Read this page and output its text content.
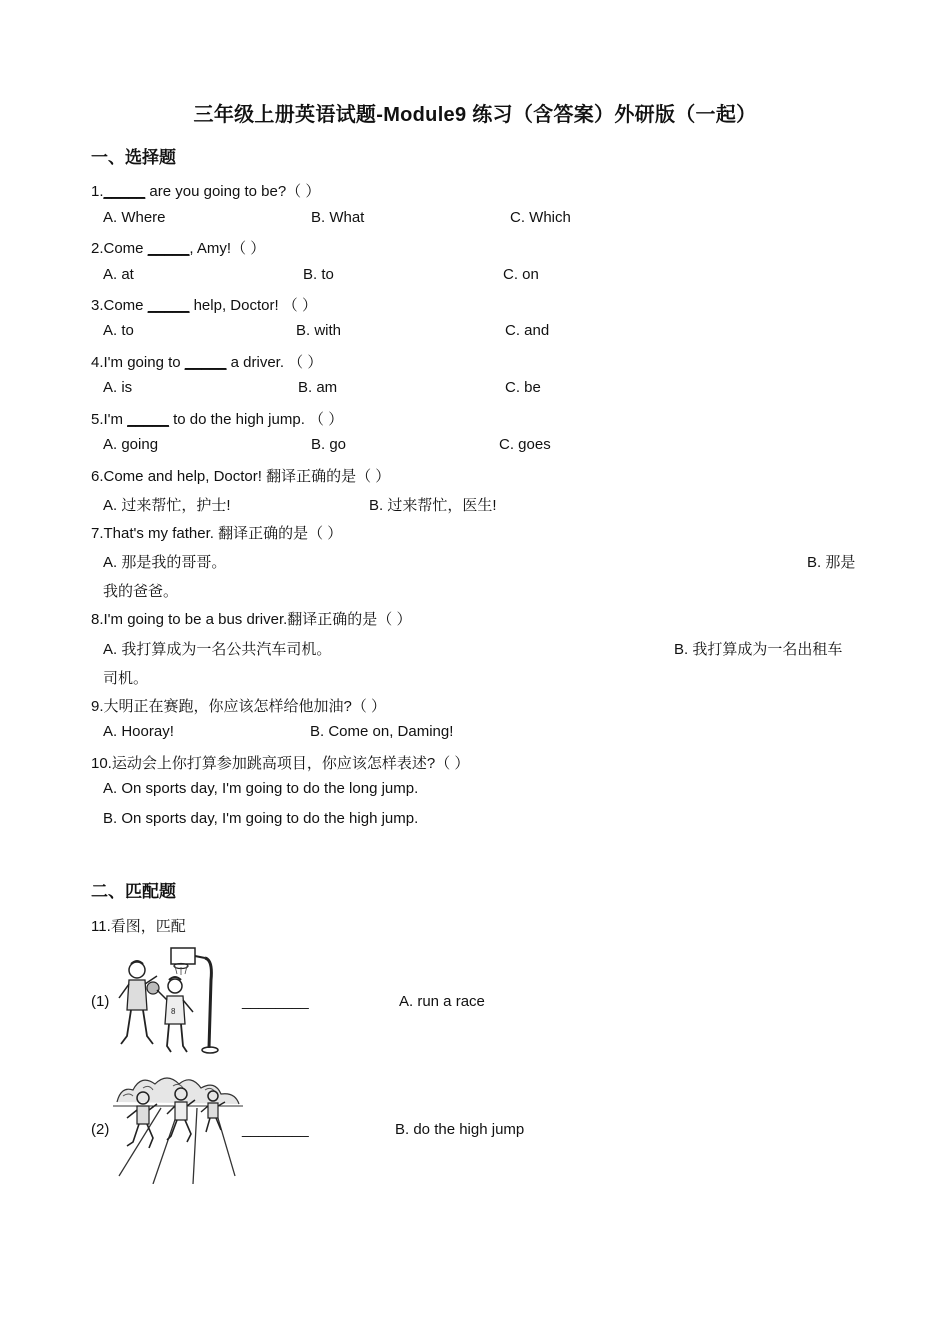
三年级上册英语试题-Module9 练习（含答案）外研版（一起）
一、选择题
1._____ are you going to be?（ ）
A. Where	B. What	C. Which
2.Come _____, Amy!（ ）
A. at	B. to	C. on
3.Come _____ help, Doctor! （ ）
A. to	B. with	C. and
4.I'm going to _____ a driver. （ ）
A. is	B. am	C. be
5.I'm _____ to do the high jump. （ ）
A. going	B. go	C. goes
6.Come and help, Doctor! 翻译正确的是（ ）
A. 过来帮忙，护士!	B. 过来帮忙，医生!
7.That's my father. 翻译正确的是（ ）
A. 那是我的哥哥。	B. 那是
我的爸爸。
8.I'm going to be a bus driver.翻译正确的是（ ）
A. 我打算成为一名公共汽车司机。	B. 我打算成为一名出租车
司机。
9.大明正在赛跑，你应该怎样给他加油?（ ）
A. Hooray!	B. Come on, Daming!
10.运动会上你打算参加跳高项目，你应该怎样表述?（ ）
A. On sports day, I'm going to do the long jump.
B. On sports day, I'm going to do the high jump.
二、匹配题
11.看图，匹配
8
(1)	________	A. run a race
(2)	________	B. do the high jump
